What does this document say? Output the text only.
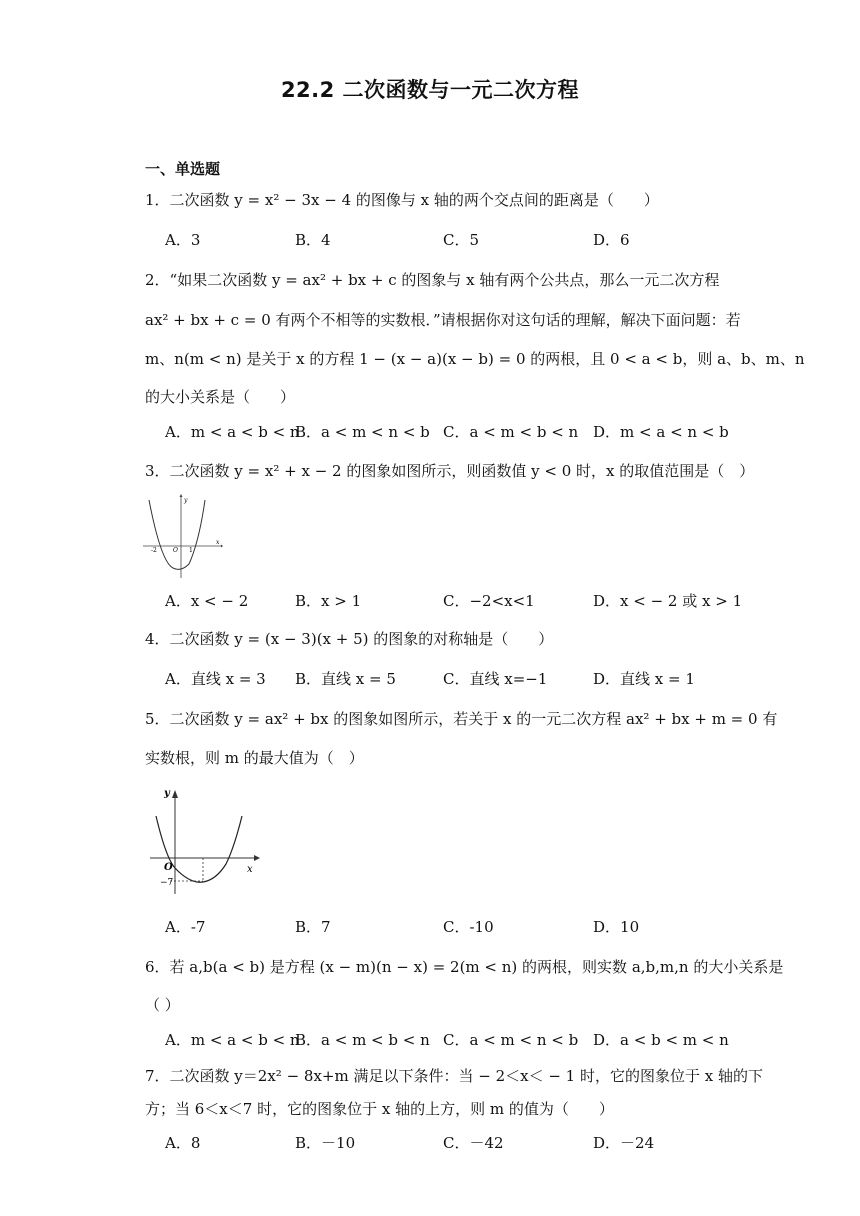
22.2 二次函数与一元二次方程
一、单选题
1．二次函数 y = x² − 3x − 4 的图像与 x 轴的两个交点间的距离是（　　）
A．3	B．4	C．5	D．6
2．“如果二次函数 y = ax² + bx + c 的图象与 x 轴有两个公共点，那么一元二次方程
ax² + bx + c = 0 有两个不相等的实数根．”请根据你对这句话的理解，解决下面问题：若
m、n(m < n) 是关于 x 的方程 1 − (x − a)(x − b) = 0 的两根，且 0 < a < b，则 a、b、m、n
的大小关系是（　　）
A．m < a < b < n
B．a < m < n < b C．a < m < b < n D．m < a < n < b
3．二次函数 y = x² + x − 2 的图象如图所示，则函数值 y < 0 时，x 的取值范围是（　）
y
x
O
-2	1
A．x < − 2	B．x > 1	C．−2<x<1	D．x < − 2 或 x > 1
4．二次函数 y = (x − 3)(x + 5) 的图象的对称轴是（　　）
A．直线 x = 3 B．直线 x = 5	C．直线 x=−1	D．直线 x = 1
5．二次函数 y = ax² + bx 的图象如图所示，若关于 x 的一元二次方程 ax² + bx + m = 0 有
实数根，则 m 的最大值为（　）
y
x
O
−7
A．-7	B．7	C．-10	D．10
6．若 a,b(a < b) 是方程 (x − m)(n − x) = 2(m < n) 的两根，则实数 a,b,m,n 的大小关系是
（ ）
A．m < a < b < n
B．a < m < b < n C．a < m < n < b D．a < b < m < n
7．二次函数 y＝2x² − 8x+m 满足以下条件：当 − 2＜x＜ − 1 时，它的图象位于 x 轴的下
方；当 6＜x＜7 时，它的图象位于 x 轴的上方，则 m 的值为（　　）
A．8	B．－10	C．－42	D．－24
